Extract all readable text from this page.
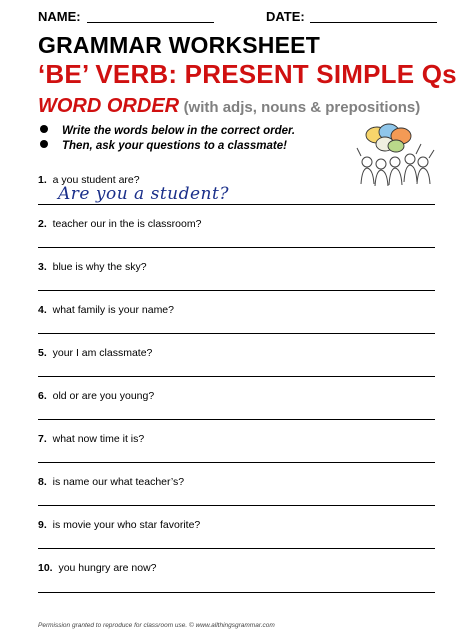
NAME:	DATE:
GRAMMAR WORKSHEET
‘BE’ VERB: PRESENT SIMPLE Qs
WORD ORDER (with adjs, nouns & prepositions)
Write the words below in the correct order.
Then, ask your questions to a classmate!
1. a you student are?
Are you a student?
2. teacher our in the is classroom?
3. blue is why the sky?
4. what family is your name?
5. your I am classmate?
6. old or are you young?
7. what now time it is?
8. is name our what teacher’s?
9. is movie your who star favorite?
10. you hungry are now?
Permission granted to reproduce for classroom use. © www.allthingsgrammar.com
